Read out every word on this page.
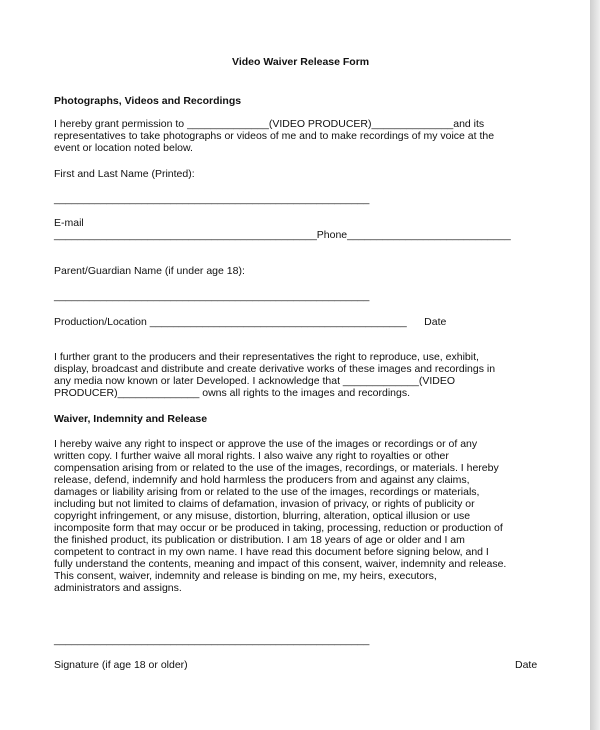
Video Waiver Release Form
Photographs, Videos and Recordings
I hereby grant permission to ______________(VIDEO PRODUCER)______________and its
representatives to take photographs or videos of me and to make recordings of my voice at the
event or location noted below.
First and Last Name (Printed):
______________________________________________________
E-mail
_____________________________________________Phone____________________________
Parent/Guardian Name (if under age 18):
______________________________________________________
Production/Location ____________________________________________      Date
I further grant to the producers and their representatives the right to reproduce, use, exhibit,
display, broadcast and distribute and create derivative works of these images and recordings in
any media now known or later Developed. I acknowledge that _____________(VIDEO
PRODUCER)______________ owns all rights to the images and recordings.
Waiver, Indemnity and Release
I hereby waive any right to inspect or approve the use of the images or recordings or of any
written copy. I further waive all moral rights. I also waive any right to royalties or other
compensation arising from or related to the use of the images, recordings, or materials. I hereby
release, defend, indemnify and hold harmless the producers from and against any claims,
damages or liability arising from or related to the use of the images, recordings or materials,
including but not limited to claims of defamation, invasion of privacy, or rights of publicity or
copyright infringement, or any misuse, distortion, blurring, alteration, optical illusion or use
incomposite form that may occur or be produced in taking, processing, reduction or production of
the finished product, its publication or distribution. I am 18 years of age or older and I am
competent to contract in my own name. I have read this document before signing below, and I
fully understand the contents, meaning and impact of this consent, waiver, indemnity and release.
This consent, waiver, indemnity and release is binding on me, my heirs, executors,
administrators and assigns.
______________________________________________________
Signature (if age 18 or older)	Date
